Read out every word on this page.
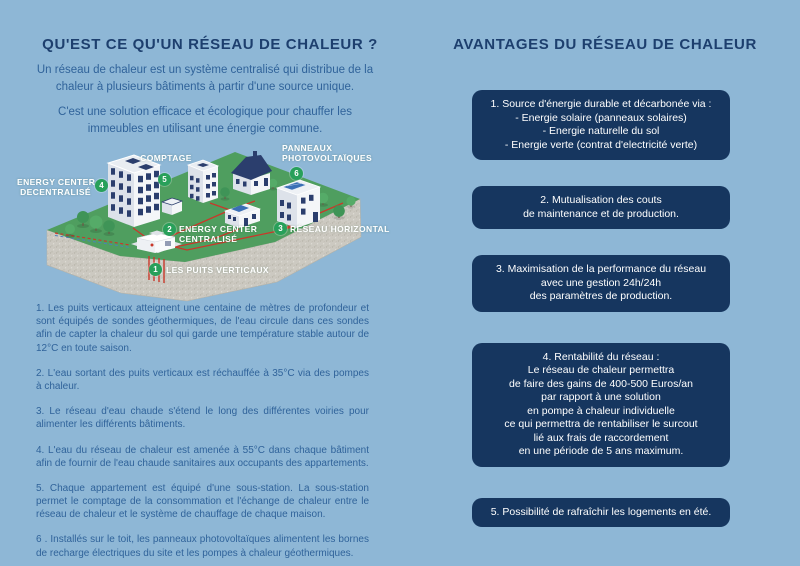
QU'EST CE QU'UN RÉSEAU DE CHALEUR ?
Un réseau de chaleur est un système centralisé qui distribue de la chaleur à plusieurs bâtiments à partir d'une source unique.
C'est une solution efficace et écologique pour chauffer les immeubles en utilisant une énergie commune.
1 LES PUITS VERTICAUX
2 ENERGY CENTER
CENTRALISÉ
3 RÉSEAU HORIZONTAL
4
ENERGY CENTER
DECENTRALISÉ
5
COMPTAGE
6
PANNEAUX
PHOTOVOLTAÏQUES

1. Les puits verticaux atteignent une centaine de mètres de profondeur et sont équipés de sondes géothermiques, de l'eau circule dans ces sondes afin de capter la chaleur du sol qui garde une température stable autour de 12°C en toute saison.

2. L'eau sortant des puits verticaux est réchauffée à 35°C via des pompes à chaleur.

3. Le réseau d'eau chaude s'étend le long des différentes voiries pour alimenter les différents bâtiments.

4. L'eau du réseau de chaleur est amenée à 55°C dans chaque bâtiment afin de fournir de l'eau chaude sanitaires aux occupants des appartements.

5. Chaque appartement est équipé d'une sous-station. La sous-station permet le comptage de la consommation et l'échange de chaleur entre le réseau de chaleur et le système de chauffage de chaque maison.

6 . Installés sur le toit, les panneaux photovoltaïques alimentent les bornes de recharge électriques du site et les pompes à chaleur géothermiques.

AVANTAGES DU RÉSEAU DE CHALEUR
1. Source d'énergie durable et décarbonée via :
- Energie solaire (panneaux solaires)
- Energie naturelle du sol
- Energie verte (contrat d'electricité verte)
2. Mutualisation des couts
de maintenance et de production.
3. Maximisation de la performance du réseau
avec une gestion 24h/24h
des paramètres de production.
4. Rentabilité du réseau :
Le réseau de chaleur permettra
de faire des gains de 400-500 Euros/an
par rapport à une solution
en pompe à chaleur individuelle
ce qui permettra de rentabiliser le surcout
lié aux frais de raccordement
en une période de 5 ans maximum.
5. Possibilité de rafraîchir les logements en été.
